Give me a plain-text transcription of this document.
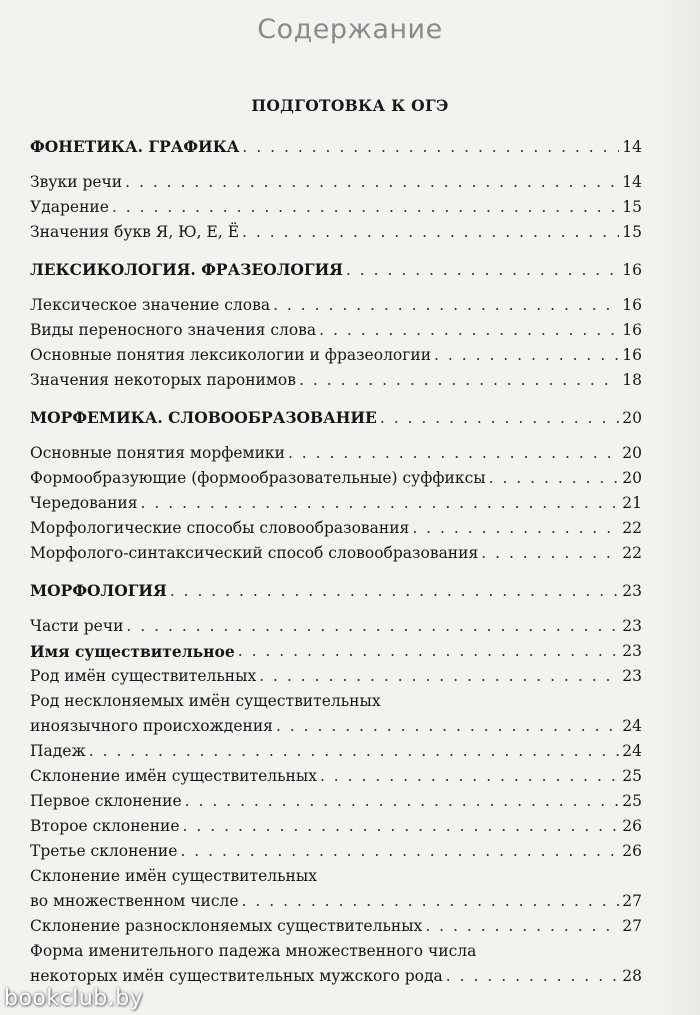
Содержание
ПОДГОТОВКА К ОГЭ
ФОНЕТИКА. ГРАФИКА . . .	14
Звуки речи . . .	14
Ударение . . .	15
Значения букв Я, Ю, Е, Ё . . .	15
ЛЕКСИКОЛОГИЯ. ФРАЗЕОЛОГИЯ . . .	16
Лексическое значение слова . . .	16
Виды переносного значения слова . . .	16
Основные понятия лексикологии и фразеологии . . .	16
Значения некоторых паронимов . . .	18
МОРФЕМИКА. СЛОВООБРАЗОВАНИЕ . . .	20
Основные понятия морфемики . . .	20
Формообразующие (формообразовательные) суффиксы . . .	20
Чередования . . .	21
Морфологические способы словообразования . . .	22
Морфолого-синтаксический способ словообразования . . .	22
МОРФОЛОГИЯ . . .	23
Части речи . . .	23
Имя существительное . . .	23
Род имён существительных . . .	23
Род несклоняемых имён существительных
иноязычного происхождения . . .	24
Падеж . . .	24
Склонение имён существительных . . .	25
Первое склонение . . .	25
Второе склонение . . .	26
Третье склонение . . .	26
Склонение имён существительных
во множественном числе . . .	27
Склонение разносклоняемых существительных . . .	27
Форма именительного падежа множественного числа
некоторых имён существительных мужского рода . . .	28
bookclub.by
